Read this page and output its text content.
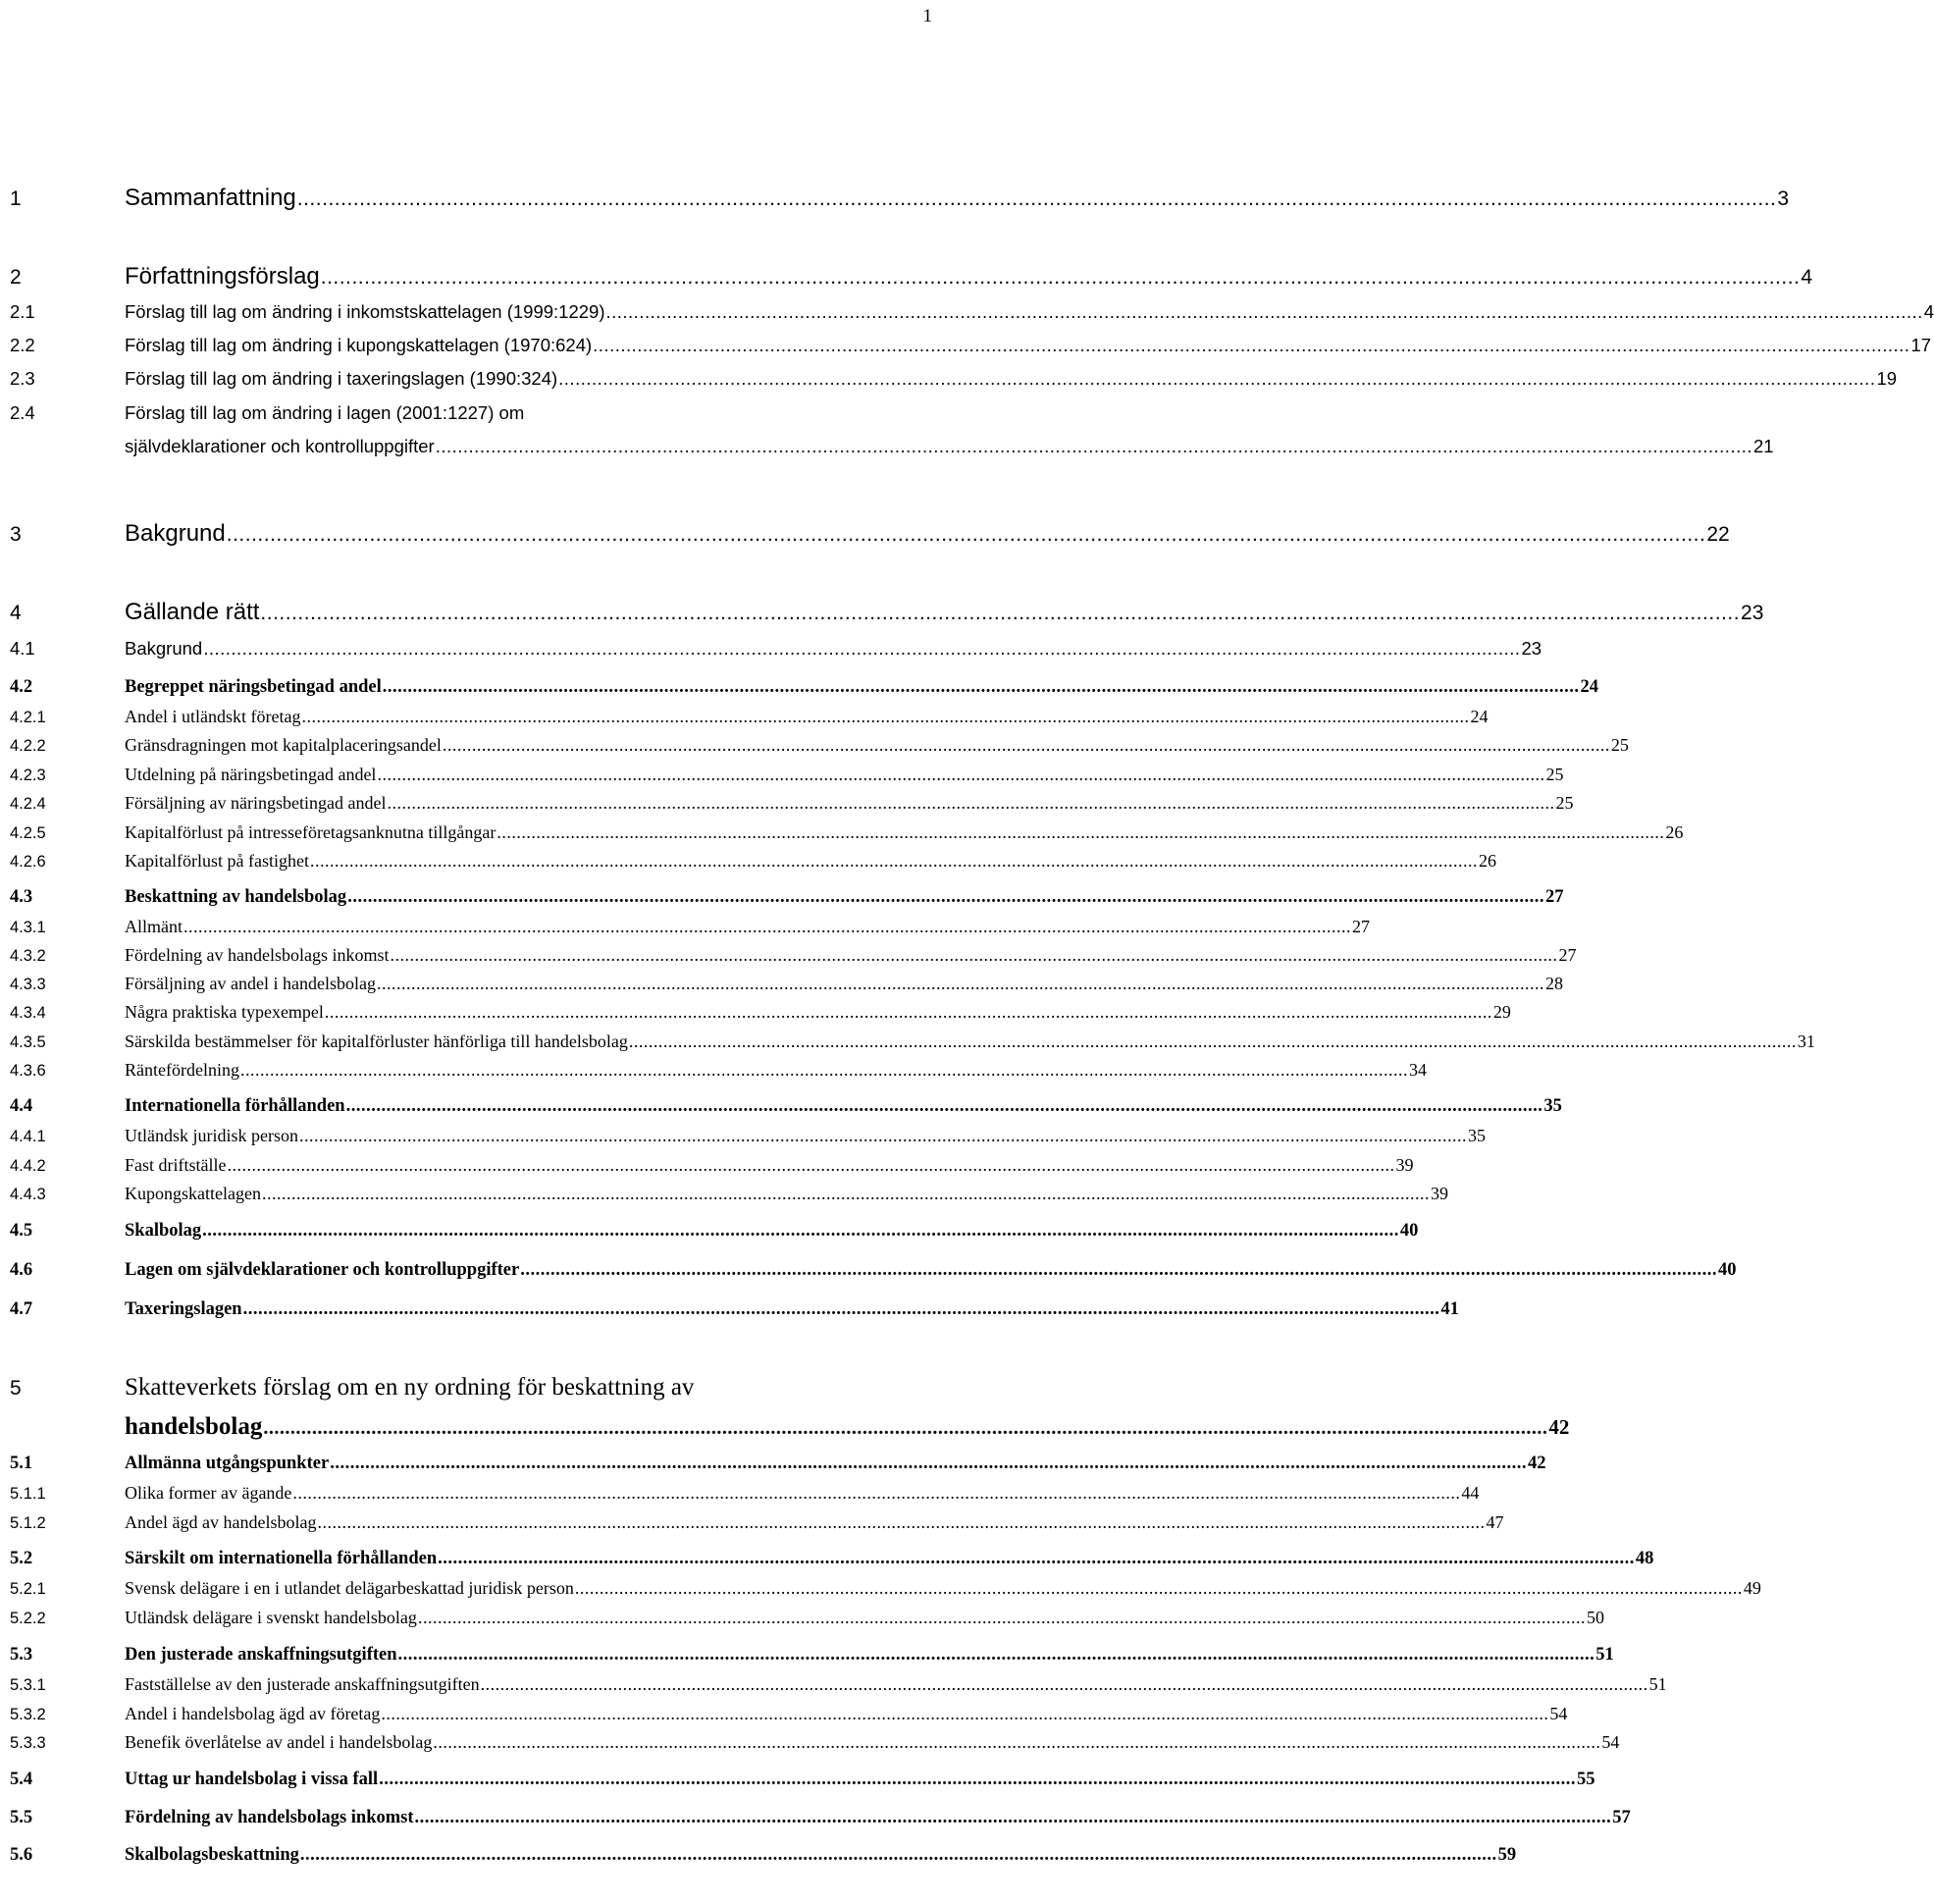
1
1	Sammanfattning .....	3
2	Författningsförslag .....	4
2.1	Förslag till lag om ändring i inkomstskattelagen (1999:1229) .....	4
2.2	Förslag till lag om ändring i kupongskattelagen (1970:624) .....	17
2.3	Förslag till lag om ändring i taxeringslagen (1990:324) .....	19
2.4	Förslag till lag om ändring i lagen (2001:1227) om
självdeklarationer och kontrolluppgifter .....	21
3	Bakgrund .....	22
4	Gällande rätt .....	23
4.1	Bakgrund .....	23
4.2	Begreppet näringsbetingad andel .....	24
4.2.1	Andel i utländskt företag .....	24
4.2.2	Gränsdragningen mot kapitalplaceringsandel .....	25
4.2.3	Utdelning på näringsbetingad andel .....	25
4.2.4	Försäljning av näringsbetingad andel .....	25
4.2.5	Kapitalförlust på intresseföretagsanknutna tillgångar .....	26
4.2.6	Kapitalförlust på fastighet .....	26
4.3	Beskattning av handelsbolag .....	27
4.3.1	Allmänt .....	27
4.3.2	Fördelning av handelsbolags inkomst .....	27
4.3.3	Försäljning av andel i handelsbolag .....	28
4.3.4	Några praktiska typexempel .....	29
4.3.5	Särskilda bestämmelser för kapitalförluster hänförliga till handelsbolag .....	31
4.3.6	Räntefördelning .....	34
4.4	Internationella förhållanden .....	35
4.4.1	Utländsk juridisk person .....	35
4.4.2	Fast driftställe .....	39
4.4.3	Kupongskattelagen .....	39
4.5	Skalbolag .....	40
4.6	Lagen om självdeklarationer och kontrolluppgifter .....	40
4.7	Taxeringslagen .....	41
5	Skatteverkets förslag om en ny ordning för beskattning av
handelsbolag .....	42
5.1	Allmänna utgångspunkter .....	42
5.1.1	Olika former av ägande .....	44
5.1.2	Andel ägd av handelsbolag .....	47
5.2	Särskilt om internationella förhållanden .....	48
5.2.1	Svensk delägare i en i utlandet delägarbeskattad juridisk person .....	49
5.2.2	Utländsk delägare i svenskt handelsbolag .....	50
5.3	Den justerade anskaffningsutgiften .....	51
5.3.1	Fastställelse av den justerade anskaffningsutgiften .....	51
5.3.2	Andel i handelsbolag ägd av företag .....	54
5.3.3	Benefik överlåtelse av andel i handelsbolag .....	54
5.4	Uttag ur handelsbolag i vissa fall .....	55
5.5	Fördelning av handelsbolags inkomst .....	57
5.6	Skalbolagsbeskattning .....	59
